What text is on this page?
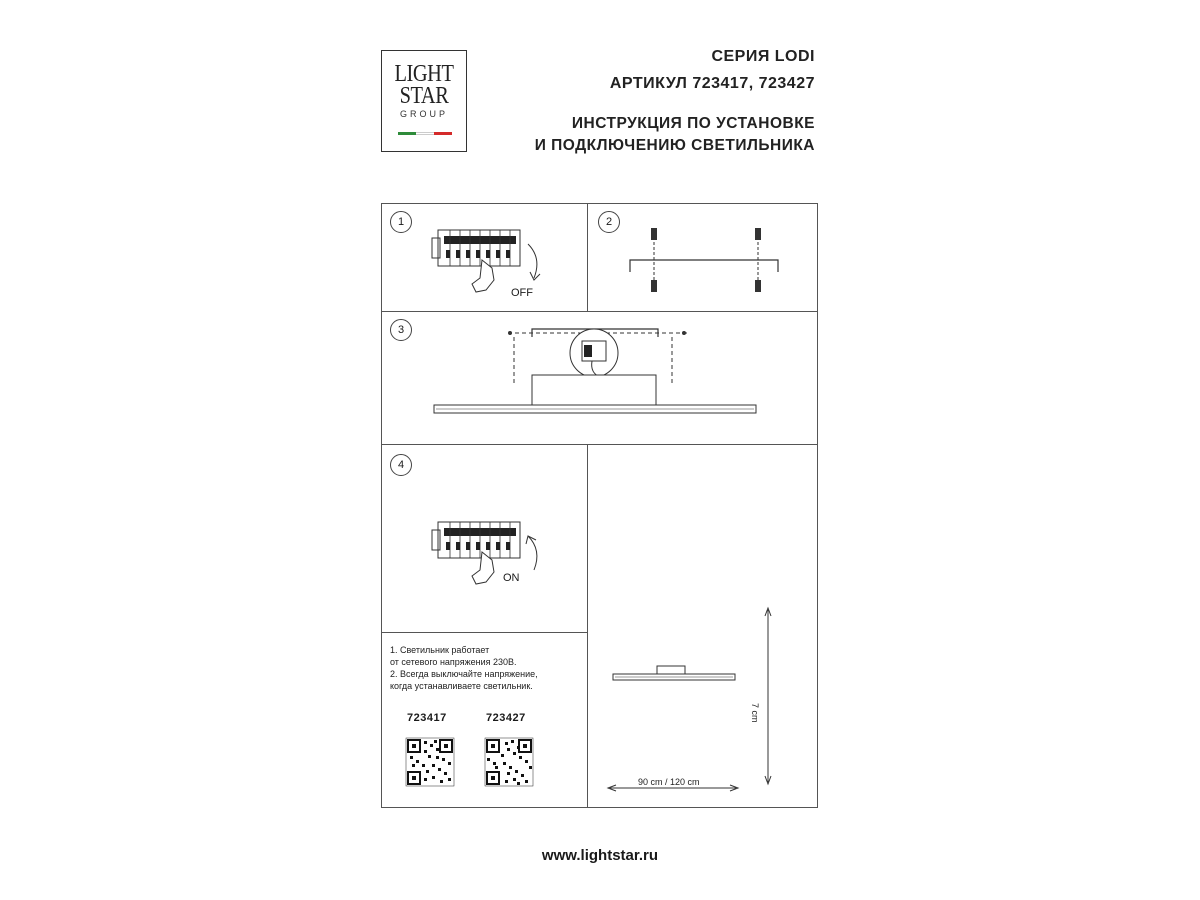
LIGHT
STAR
GROUP
СЕРИЯ LODI
АРТИКУЛ 723417, 723427
ИНСТРУКЦИЯ ПО УСТАНОВКЕ
И ПОДКЛЮЧЕНИЮ СВЕТИЛЬНИКА
1	2
3
4
OFF
ON
1. Светильник работает
от сетевого напряжения 230В.
2. Всегда выключайте напряжение,
когда устанавливаете светильник.
723417	723427	7 cm
90 cm / 120 cm
www.lightstar.ru
